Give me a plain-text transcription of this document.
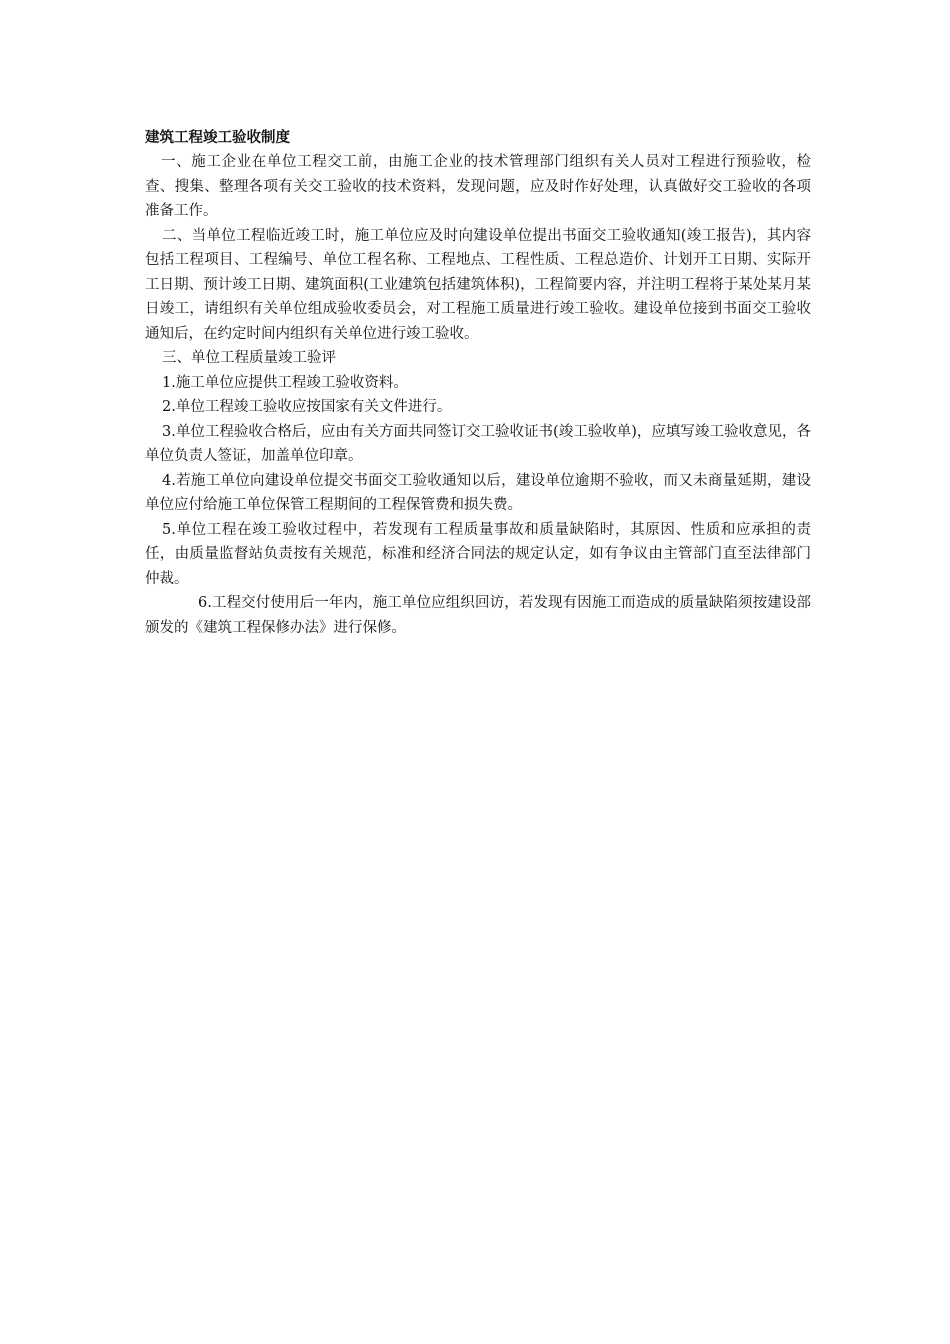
建筑工程竣工验收制度

一、施工企业在单位工程交工前，由施工企业的技术管理部门组织有关人员对工程进行预验收，检查、搜集、整理各项有关交工验收的技术资料，发现问题，应及时作好处理，认真做好交工验收的各项准备工作。

二、当单位工程临近竣工时，施工单位应及时向建设单位提出书面交工验收通知(竣工报告)，其内容包括工程项目、工程编号、单位工程名称、工程地点、工程性质、工程总造价、计划开工日期、实际开工日期、预计竣工日期、建筑面积(工业建筑包括建筑体积)，工程简要内容，并注明工程将于某处某月某日竣工，请组织有关单位组成验收委员会，对工程施工质量进行竣工验收。建设单位接到书面交工验收通知后，在约定时间内组织有关单位进行竣工验收。

三、单位工程质量竣工验评

1.施工单位应提供工程竣工验收资料。

2.单位工程竣工验收应按国家有关文件进行。

3.单位工程验收合格后，应由有关方面共同签订交工验收证书(竣工验收单)，应填写竣工验收意见，各单位负责人签证，加盖单位印章。

4.若施工单位向建设单位提交书面交工验收通知以后，建设单位逾期不验收，而又未商量延期，建设单位应付给施工单位保管工程期间的工程保管费和损失费。

5.单位工程在竣工验收过程中，若发现有工程质量事故和质量缺陷时，其原因、性质和应承担的责任，由质量监督站负责按有关规范，标准和经济合同法的规定认定，如有争议由主管部门直至法律部门仲裁。

6.工程交付使用后一年内，施工单位应组织回访，若发现有因施工而造成的质量缺陷须按建设部颁发的《建筑工程保修办法》进行保修。
